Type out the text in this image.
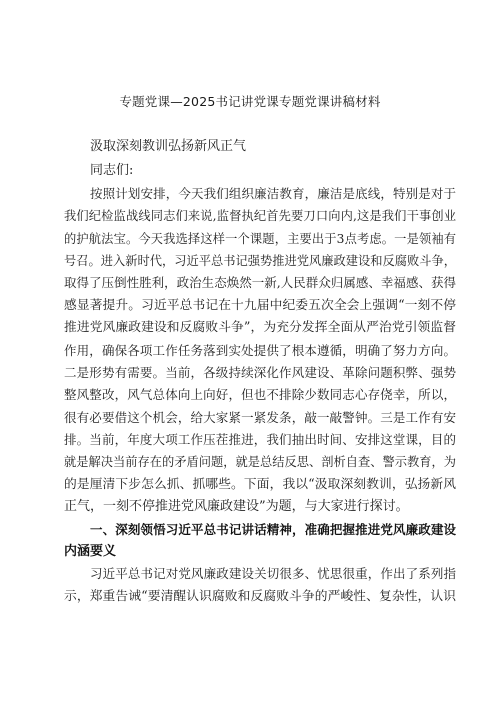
专题党课—2025书记讲党课专题党课讲稿材料
汲取深刻教训弘扬新风正气
同志们:
按照计划安排，今天我们组织廉洁教育，廉洁是底线，特别是对于
我们纪检监战线同志们来说,监督执纪首先要刀口向内,这是我们干事创业
的护航法宝。今天我选择这样一个课题，主要出于3点考虑。一是领袖有
号召。进入新时代，习近平总书记强势推进党风廉政建设和反腐败斗争，
取得了压倒性胜利，政治生态焕然一新,人民群众归属感、幸福感、获得
感显著提升。习近平总书记在十九届中纪委五次全会上强调“一刻不停
推进党风廉政建设和反腐败斗争”，为充分发挥全面从严治党引领监督
作用，确保各项工作任务落到实处提供了根本遵循，明确了努力方向。
二是形势有需要。当前，各级持续深化作风建设、革除问题积弊、强势
整风整改，风气总体向上向好，但也不排除少数同志心存侥幸，所以，
很有必要借这个机会，给大家紧一紧发条，敲一敲警钟。三是工作有安
排。当前，年度大项工作压茬推进，我们抽出时间、安排这堂课，目的
就是解决当前存在的矛盾问题，就是总结反思、剖析自查、警示教育，为
的是厘清下步怎么抓、抓哪些。下面，我以“汲取深刻教训，弘扬新风
正气，一刻不停推进党风廉政建设”为题，与大家进行探讨。
一、深刻领悟习近平总书记讲话精神，准确把握推进党风廉政建设
内涵要义
习近平总书记对党风廉政建设关切很多、忧思很重，作出了系列指
示，郑重告诫“要清醒认识腐败和反腐败斗争的严峻性、复杂性，认识
